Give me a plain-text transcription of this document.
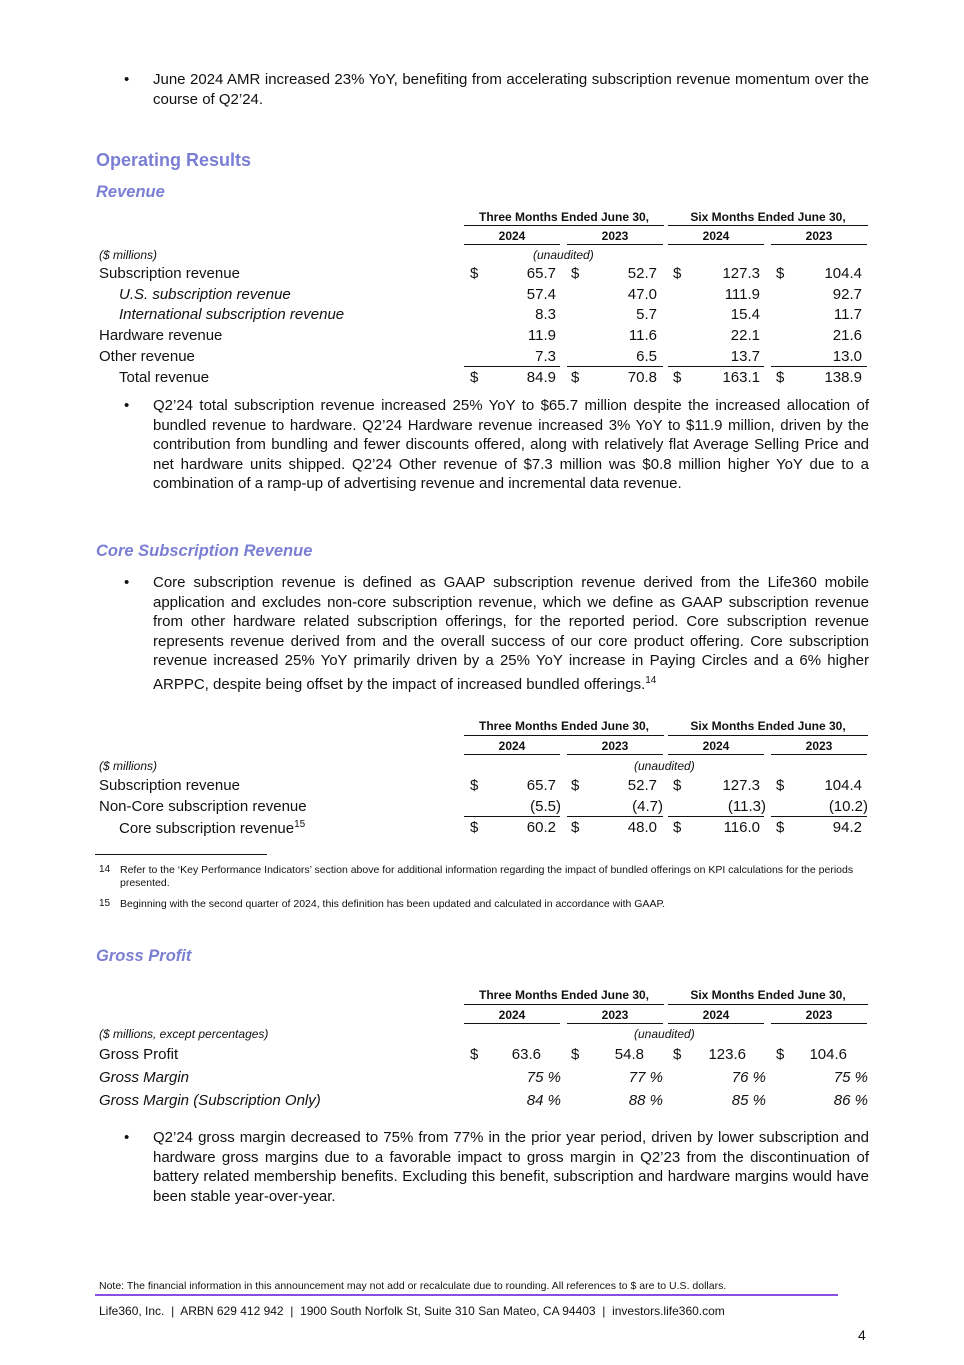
• June 2024 AMR increased 23% YoY, benefiting from accelerating subscription revenue momentum over the course of Q2’24.
Operating Results
Revenue
Three Months Ended June 30,	Six Months Ended June 30,
2024	2023	2024	2023
($ millions)	(unaudited)
Subscription revenue	$	65.7 $	52.7 $	127.3 $	104.4
U.S. subscription revenue	57.4	47.0	111.9	92.7
International subscription revenue	8.3	5.7	15.4	11.7
Hardware revenue	11.9	11.6	22.1	21.6
Other revenue	7.3	6.5	13.7	13.0
Total revenue	$	84.9 $	70.8 $	163.1 $	138.9
• Q2’24 total subscription revenue increased 25% YoY to $65.7 million despite the increased allocation of bundled revenue to hardware. Q2’24 Hardware revenue increased 3% YoY to $11.9 million, driven by the contribution from bundling and fewer discounts offered, along with relatively flat Average Selling Price and net hardware units shipped. Q2’24 Other revenue of $7.3 million was $0.8 million higher YoY due to a combination of a ramp-up of advertising revenue and incremental data revenue.
Core Subscription Revenue
• Core subscription revenue is defined as GAAP subscription revenue derived from the Life360 mobile application and excludes non-core subscription revenue, which we define as GAAP subscription revenue from other hardware related subscription offerings, for the reported period. Core subscription revenue represents revenue derived from and the overall success of our core product offering. Core subscription revenue increased 25% YoY primarily driven by a 25% YoY increase in Paying Circles and a 6% higher ARPPC, despite being offset by the impact of increased bundled offerings.$^{14}$
Three Months Ended June 30,	Six Months Ended June 30,
2024	2023	2024	2023
($ millions)	(unaudited)
Subscription revenue	$	65.7 $	52.7 $	127.3 $	104.4
Non-Core subscription revenue	(5.5)	(4.7)	(11.3)	(10.2)
Core subscription revenue$^{15}$	$	60.2 $	48.0 $	116.0 $	94.2
14 Refer to the ‘Key Performance Indicators’ section above for additional information regarding the impact of bundled offerings on KPI calculations for the periods presented.
15 Beginning with the second quarter of 2024, this definition has been updated and calculated in accordance with GAAP.
Gross Profit
Three Months Ended June 30,	Six Months Ended June 30,
2024	2023	2024	2023
($ millions, except percentages)	(unaudited)
Gross Profit	$	63.6 $	54.8 $	123.6 $	104.6
Gross Margin	75 %	77 %	76 %	75 %
Gross Margin (Subscription Only)	84 %	88 %	85 %	86 %
• Q2’24 gross margin decreased to 75% from 77% in the prior year period, driven by lower subscription and hardware gross margins due to a favorable impact to gross margin in Q2’23 from the discontinuation of battery related membership benefits. Excluding this benefit, subscription and hardware margins would have been stable year-over-year.
Note: The financial information in this announcement may not add or recalculate due to rounding. All references to $ are to U.S. dollars.
Life360, Inc. | ARBN 629 412 942 | 1900 South Norfolk St, Suite 310 San Mateo, CA 94403 | investors.life360.com
4
